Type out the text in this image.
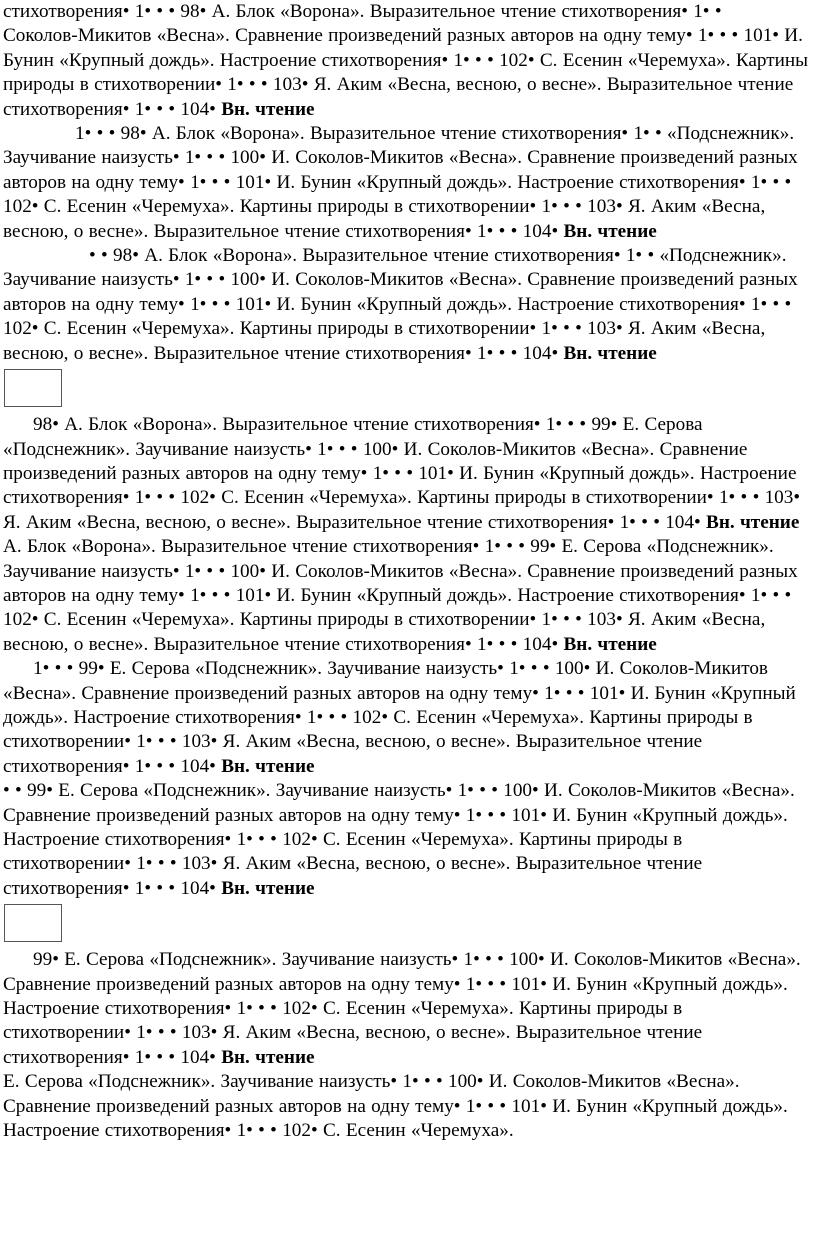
стихотворения• 1• • • 98• А. Блок «Ворона». Выразительное чтение стихотворения• 1• •

Соколов-Микитов «Весна». Сравнение произведений разных авторов на одну тему• 1• • • 101• И. Бунин «Крупный дождь». Настроение стихотворения• 1• • • 102• С. Есенин «Черемуха». Картины природы в стихотворении• 1• • • 103• Я. Аким «Весна, весною, о весне». Выразительное чтение стихотворения• 1• • • 104• Вн. чтение

1• • • 98• А. Блок «Ворона». Выразительное чтение стихотворения• 1• • «Подснежник». Заучивание наизусть• 1• • • 100• И. Соколов-Микитов «Весна». Сравнение произведений разных авторов на одну тему• 1• • • 101• И. Бунин «Крупный дождь». Настроение стихотворения• 1• • • 102• С. Есенин «Черемуха». Картины природы в стихотворении• 1• • • 103• Я. Аким «Весна, весною, о весне». Выразительное чтение стихотворения• 1• • • 104• Вн. чтение

• • 98• А. Блок «Ворона». Выразительное чтение стихотворения• 1• • «Подснежник». Заучивание наизусть• 1• • • 100• И. Соколов-Микитов «Весна». Сравнение произведений разных авторов на одну тему• 1• • • 101• И. Бунин «Крупный дождь». Настроение стихотворения• 1• • • 102• С. Есенин «Черемуха». Картины природы в стихотворении• 1• • • 103• Я. Аким «Весна, весною, о весне». Выразительное чтение стихотворения• 1• • • 104• Вн. чтение

98• А. Блок «Ворона». Выразительное чтение стихотворения• 1• • • 99• Е. Серова «Подснежник». Заучивание наизусть• 1• • • 100• И. Соколов-Микитов «Весна». Сравнение произведений разных авторов на одну тему• 1• • • 101• И. Бунин «Крупный дождь». Настроение стихотворения• 1• • • 102• С. Есенин «Черемуха». Картины природы в стихотворении• 1• • • 103• Я. Аким «Весна, весною, о весне». Выразительное чтение стихотворения• 1• • • 104• Вн. чтение

А. Блок «Ворона». Выразительное чтение стихотворения• 1• • • 99• Е. Серова «Подснежник». Заучивание наизусть• 1• • • 100• И. Соколов-Микитов «Весна». Сравнение произведений разных авторов на одну тему• 1• • • 101• И. Бунин «Крупный дождь». Настроение стихотворения• 1• • • 102• С. Есенин «Черемуха». Картины природы в стихотворении• 1• • • 103• Я. Аким «Весна, весною, о весне». Выразительное чтение стихотворения• 1• • • 104• Вн. чтение

1• • • 99• Е. Серова «Подснежник». Заучивание наизусть• 1• • • 100• И. Соколов-Микитов «Весна». Сравнение произведений разных авторов на одну тему• 1• • • 101• И. Бунин «Крупный дождь». Настроение стихотворения• 1• • • 102• С. Есенин «Черемуха». Картины природы в стихотворении• 1• • • 103• Я. Аким «Весна, весною, о весне». Выразительное чтение стихотворения• 1• • • 104• Вн. чтение

• • 99• Е. Серова «Подснежник». Заучивание наизусть• 1• • • 100• И. Соколов-Микитов «Весна». Сравнение произведений разных авторов на одну тему• 1• • • 101• И. Бунин «Крупный дождь». Настроение стихотворения• 1• • • 102• С. Есенин «Черемуха». Картины природы в стихотворении• 1• • • 103• Я. Аким «Весна, весною, о весне». Выразительное чтение стихотворения• 1• • • 104• Вн. чтение

99• Е. Серова «Подснежник». Заучивание наизусть• 1• • • 100• И. Соколов-Микитов «Весна». Сравнение произведений разных авторов на одну тему• 1• • • 101• И. Бунин «Крупный дождь». Настроение стихотворения• 1• • • 102• С. Есенин «Черемуха». Картины природы в стихотворении• 1• • • 103• Я. Аким «Весна, весною, о весне». Выразительное чтение стихотворения• 1• • • 104• Вн. чтение

Е. Серова «Подснежник». Заучивание наизусть• 1• • • 100• И. Соколов-Микитов «Весна». Сравнение произведений разных авторов на одну тему• 1• • • 101• И. Бунин «Крупный дождь». Настроение стихотворения• 1• • • 102• С. Есенин «Черемуха».
